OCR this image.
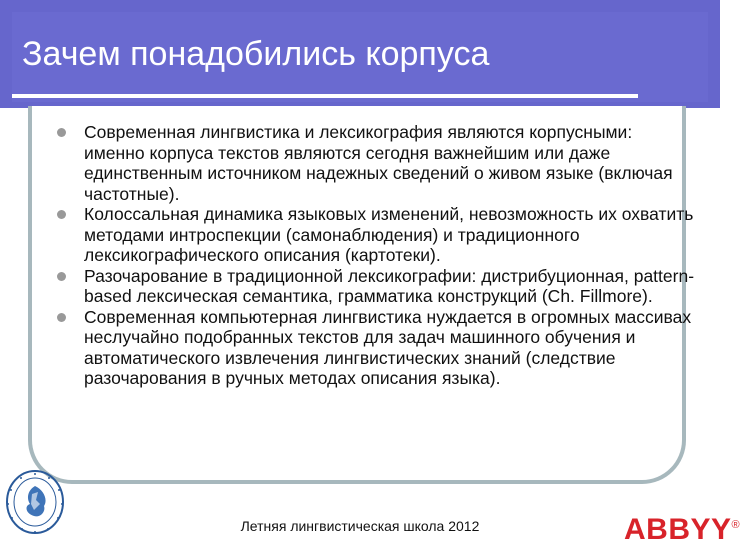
Зачем понадобились корпуса
Современная лингвистика и лексикография являются корпусными: именно корпуса текстов являются сегодня важнейшим или даже единственным источником надежных сведений о живом языке (включая частотные).
Колоссальная динамика языковых изменений, невозможность их охватить методами интроспекции (самонаблюдения) и традиционного лексикографического описания (картотеки).
Разочарование в традиционной лексикографии: дистрибуционная, pattern-based лексическая семантика, грамматика конструкций (Ch. Fillmore).
Современная компьютерная лингвистика нуждается в огромных массивах неслучайно подобранных текстов для задач машинного обучения и автоматического извлечения лингвистических знаний (следствие разочарования в ручных методах описания языка).
Летняя лингвистическая школа 2012	ABBYY®
